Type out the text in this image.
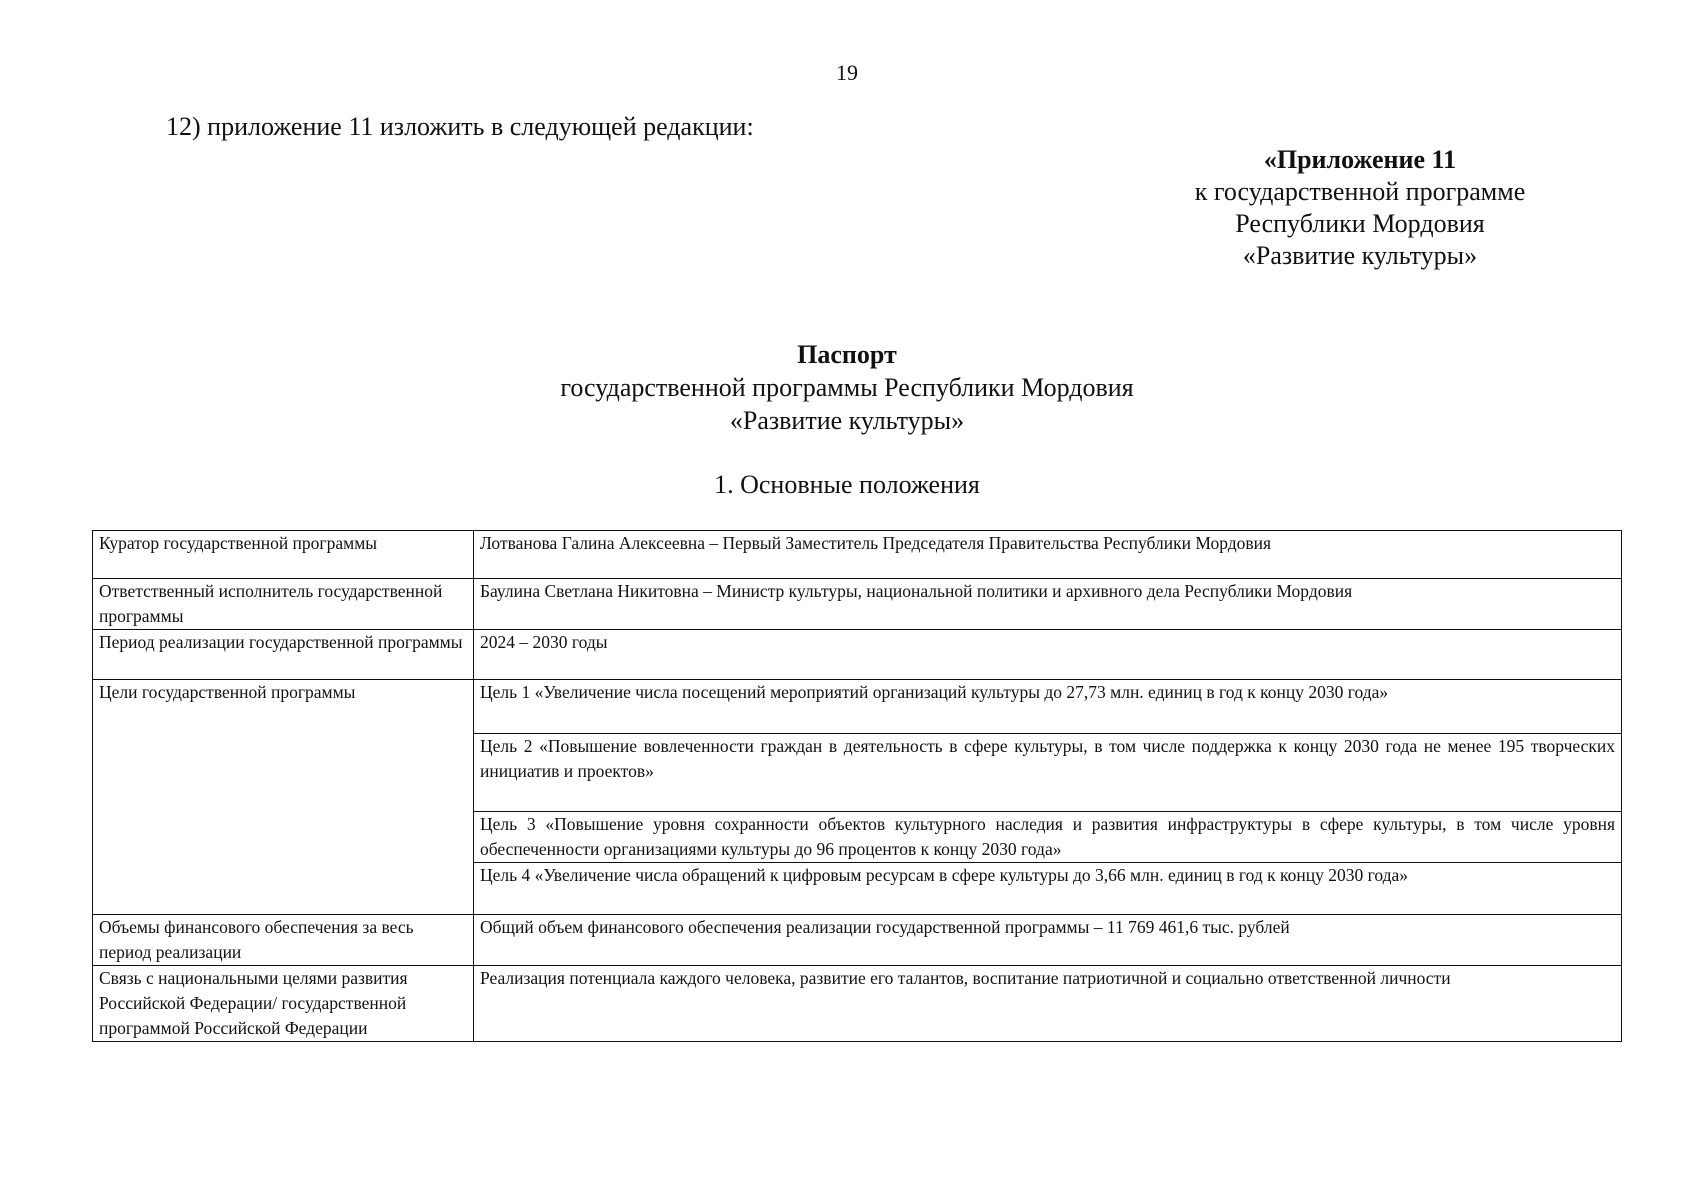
19
12) приложение 11 изложить в следующей редакции:
«Приложение 11
к государственной программе
Республики Мордовия
«Развитие культуры»
Паспорт
государственной программы Республики Мордовия
«Развитие культуры»
1. Основные положения
Куратор государственной программы	Лотванова Галина Алексеевна – Первый Заместитель Председателя Правительства Республики Мордовия
Ответственный исполнитель государственной программы	Баулина Светлана Никитовна – Министр культуры, национальной политики и архивного дела Республики Мордовия
Период реализации государственной программы	2024 – 2030 годы
Цели государственной программы	Цель 1 «Увеличение числа посещений мероприятий организаций культуры до 27,73 млн. единиц в год к концу 2030 года»
	Цель 2 «Повышение вовлеченности граждан в деятельность в сфере культуры, в том числе поддержка к концу 2030 года не менее 195 творческих инициатив и проектов»
	Цель 3 «Повышение уровня сохранности объектов культурного наследия и развития инфраструктуры в сфере культуры, в том числе уровня обеспеченности организациями культуры до 96 процентов к концу 2030 года»
	Цель 4 «Увеличение числа обращений к цифровым ресурсам в сфере культуры до 3,66 млн. единиц в год к концу 2030 года»
Объемы финансового обеспечения за весь период реализации	Общий объем финансового обеспечения реализации государственной программы – 11 769 461,6 тыс. рублей
Связь с национальными целями развития Российской Федерации/ государственной программой Российской Федерации	Реализация потенциала каждого человека, развитие его талантов, воспитание патриотичной и социально ответственной личности
